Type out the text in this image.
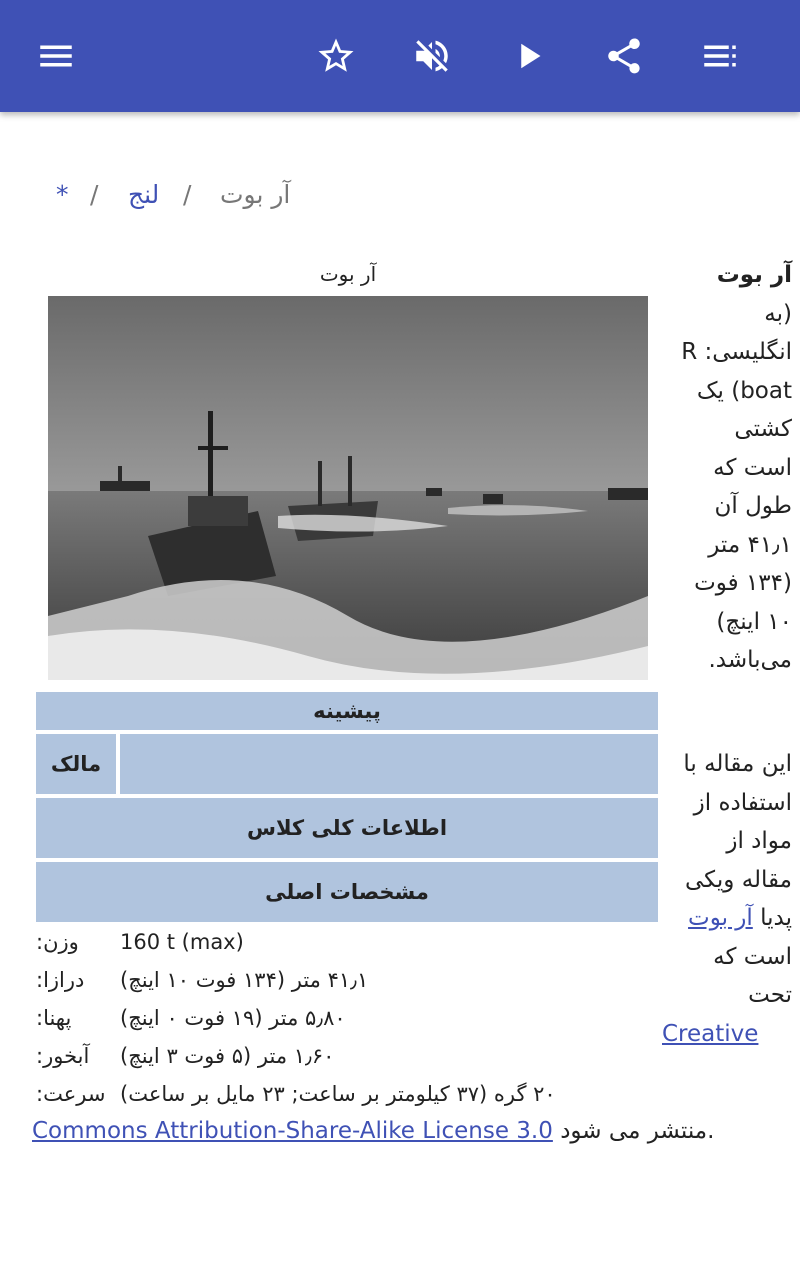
* / لنج / آر بوت
آر بوت
(به
انگلیسی: R
boat) یک
کشتی
است که
طول آن
۴۱٫۱ متر
(۱۳۴ فوت
۱۰ اینچ)
می‌باشد.
این مقاله با
استفاده از
مواد از
مقاله ویکی
پدیا آر بوت
است که
تحت
Creative
آر بوت
پیشینه
مالک
اطلاعات کلی کلاس
مشخصات اصلی
وزن: 160 t (max)
درازا: ۴۱٫۱ متر (۱۳۴ فوت ۱۰ اینچ)
پهنا: ۵٫۸۰ متر (۱۹ فوت ۰ اینچ)
آبخور: ۱٫۶۰ متر (۵ فوت ۳ اینچ)
سرعت: ۲۰ گره (۳۷ کیلومتر بر ساعت; ۲۳ مایل بر ساعت)
Commons Attribution-Share-Alike License 3.0 منتشر می شود.
